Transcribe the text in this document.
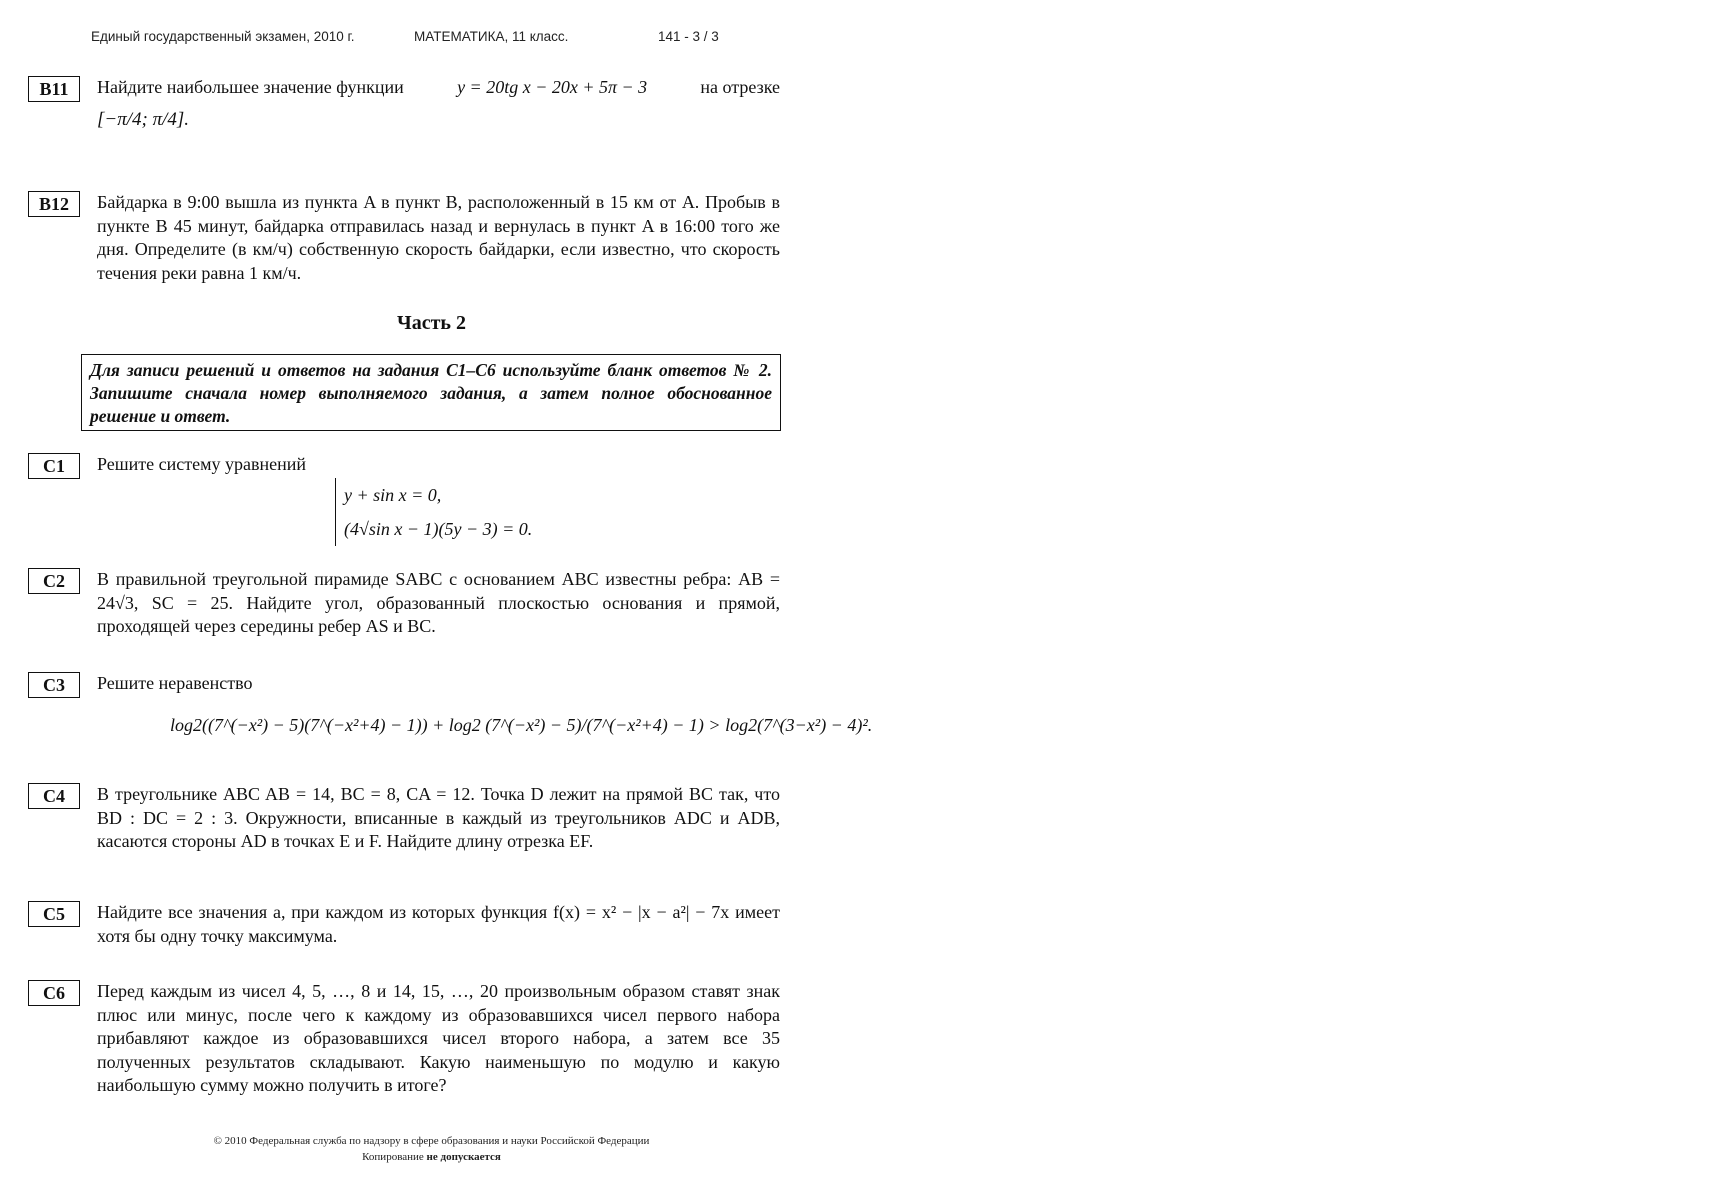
Единый государственный экзамен, 2010 г.	МАТЕМАТИКА, 11 класс.	141 - 3 / 3
B11	Найдите наибольшее значение функции	y = 20tg x − 20x + 5π − 3	на отрезке

[−π/4; π/4].

B12	Байдарка в 9:00 вышла из пункта A в пункт B, расположенный в 15 км от A. Пробыв в пункте B 45 минут, байдарка отправилась назад и вернулась в пункт A в 16:00 того же дня. Определите (в км/ч) собственную скорость байдарки, если известно, что скорость течения реки равна 1 км/ч.

Часть 2
Для записи решений и ответов на задания С1–С6 используйте бланк ответов № 2. Запишите сначала номер выполняемого задания, а затем полное обоснованное решение и ответ.
C1	Решите систему уравнений

y + sin x = 0,
(4√sin x − 1)(5y − 3) = 0.
C2	В правильной треугольной пирамиде SABC с основанием ABC известны ребра: AB = 24√3, SC = 25. Найдите угол, образованный плоскостью основания и прямой, проходящей через середины ребер AS и BC.

C3	Решите неравенство

log2((7^(−x²) − 5)(7^(−x²+4) − 1)) + log2 (7^(−x²) − 5)/(7^(−x²+4) − 1) > log2(7^(3−x²) − 4)².
C4	В треугольнике ABC AB = 14, BC = 8, CA = 12. Точка D лежит на прямой BC так, что BD : DC = 2 : 3. Окружности, вписанные в каждый из треугольников ADC и ADB, касаются стороны AD в точках E и F. Найдите длину отрезка EF.

C5	Найдите все значения a, при каждом из которых функция f(x) = x² − |x − a²| − 7x имеет хотя бы одну точку максимума.

C6	Перед каждым из чисел 4, 5, …, 8 и 14, 15, …, 20 произвольным образом ставят знак плюс или минус, после чего к каждому из образовавшихся чисел первого набора прибавляют каждое из образовавшихся чисел второго набора, а затем все 35 полученных результатов складывают. Какую наименьшую по модулю и какую наибольшую сумму можно получить в итоге?

© 2010 Федеральная служба по надзору в сфере образования и науки Российской Федерации
Копирование не допускается
